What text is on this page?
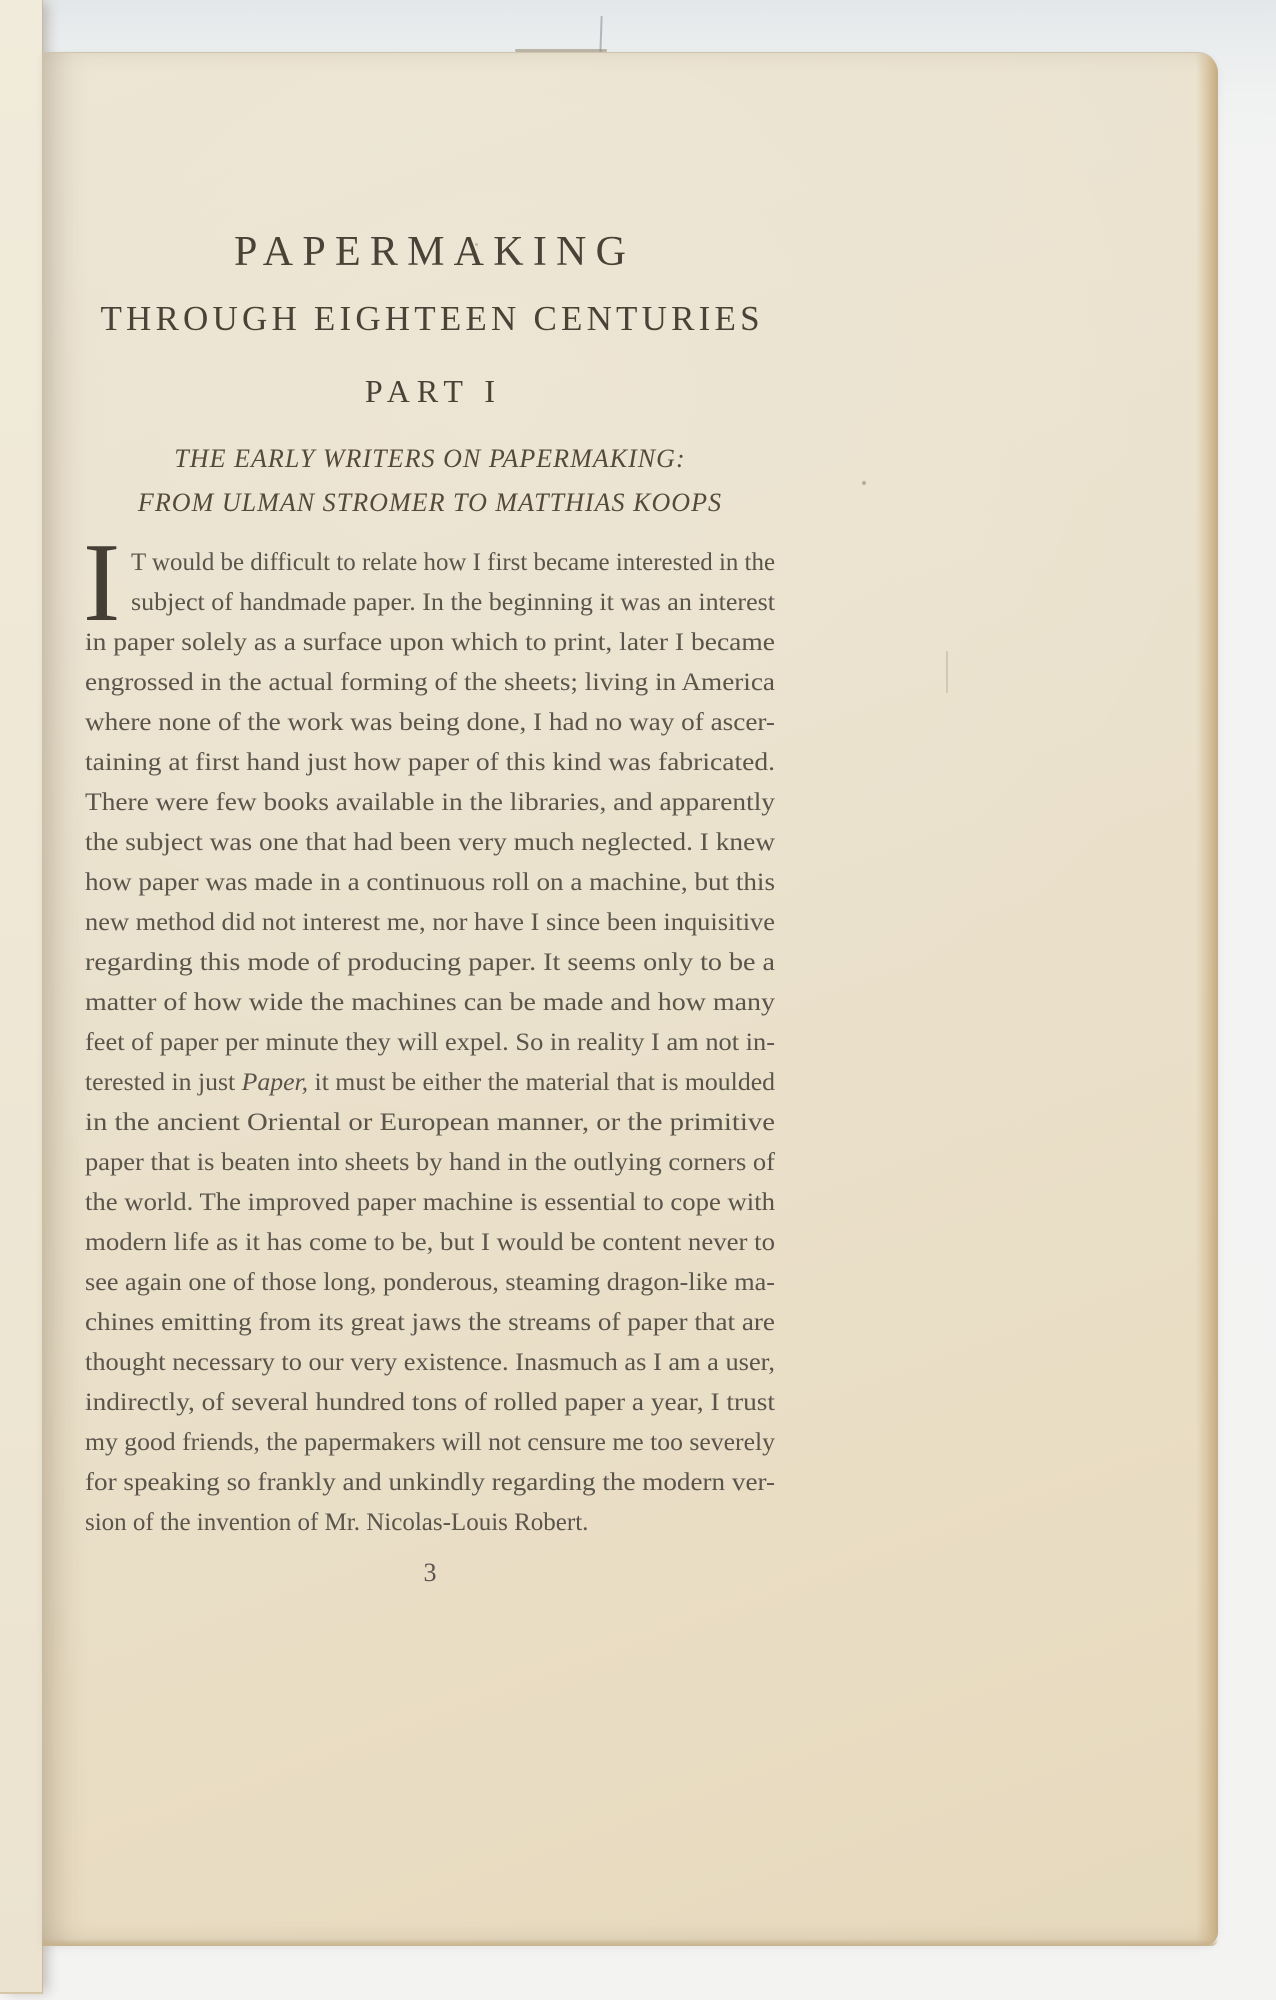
PAPERMAKING
THROUGH EIGHTEEN CENTURIES
PART I
THE EARLY WRITERS ON PAPERMAKING:
FROM ULMAN STROMER TO MATTHIAS KOOPS
I T would be difficult to relate how I first became interested in the
subject of handmade paper. In the beginning it was an interest
in paper solely as a surface upon which to print, later I became
engrossed in the actual forming of the sheets; living in America
where none of the work was being done, I had no way of ascer-
taining at first hand just how paper of this kind was fabricated.
There were few books available in the libraries, and apparently
the subject was one that had been very much neglected. I knew
how paper was made in a continuous roll on a machine, but this
new method did not interest me, nor have I since been inquisitive
regarding this mode of producing paper. It seems only to be a
matter of how wide the machines can be made and how many
feet of paper per minute they will expel. So in reality I am not in-
terested in just Paper, it must be either the material that is moulded
in the ancient Oriental or European manner, or the primitive
paper that is beaten into sheets by hand in the outlying corners of
the world. The improved paper machine is essential to cope with
modern life as it has come to be, but I would be content never to
see again one of those long, ponderous, steaming dragon-like ma-
chines emitting from its great jaws the streams of paper that are
thought necessary to our very existence. Inasmuch as I am a user,
indirectly, of several hundred tons of rolled paper a year, I trust
my good friends, the papermakers will not censure me too severely
for speaking so frankly and unkindly regarding the modern ver-
sion of the invention of Mr. Nicolas-Louis Robert.
3
